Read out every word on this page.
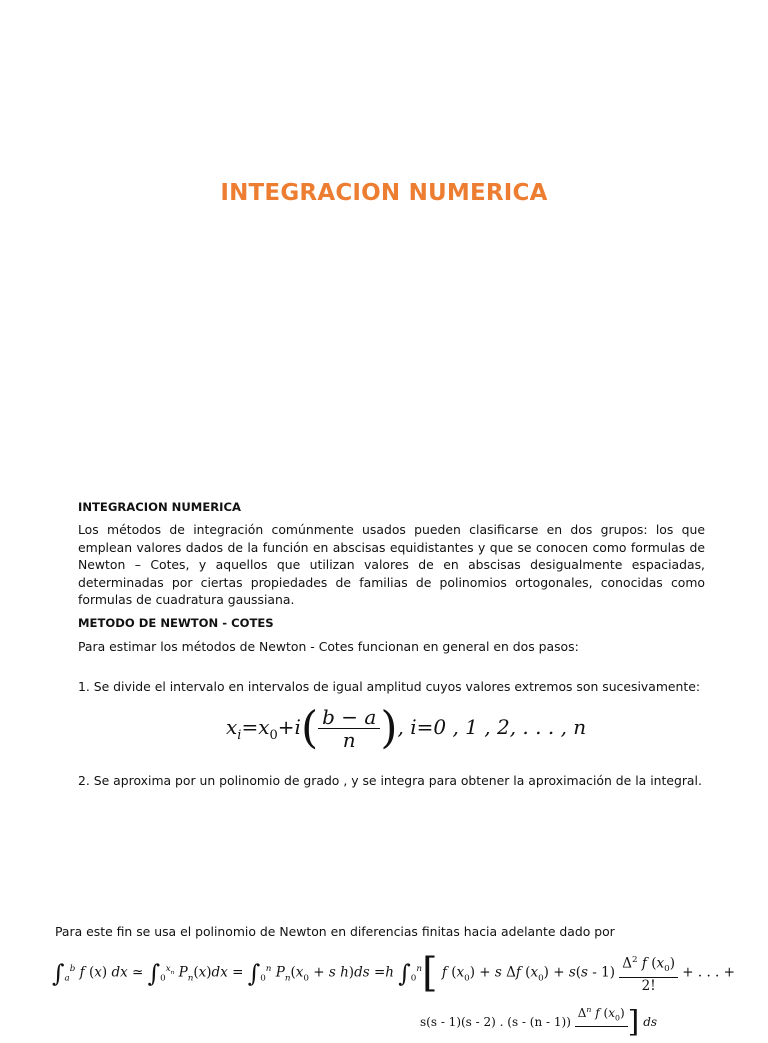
INTEGRACION NUMERICA
INTEGRACION NUMERICA
Los métodos de integración comúnmente usados pueden clasificarse en dos grupos: los que emplean valores dados de la función en abscisas equidistantes y que se conocen como formulas de Newton – Cotes, y aquellos que utilizan valores de en abscisas desigualmente espaciadas, determinadas por ciertas propiedades de familias de polinomios ortogonales, conocidas como formulas de cuadratura gaussiana.
METODO DE NEWTON - COTES
Para estimar los métodos de Newton - Cotes funcionan en general en dos pasos:
1. Se divide el intervalo en intervalos de igual amplitud cuyos valores extremos son sucesivamente:
$x_i=x_0+i( \frac{b - a}{n}$ ), i=0 , 1 , 2, . . . , n
2. Se aproxima por un polinomio de grado , y se integra para obtener la aproximación de la integral.
Para este fin se usa el polinomio de Newton en diferencias finitas hacia adelante dado por
$\int_a^b$ f (x) dx ≃ $\int_0^{x_n}$ $P_n(x)dx = \int_0^n$ $P_n(x_0 + s$ h)ds =h $\int_0^n$[ f $(x_0) + s$ Δf $(x_0) + s(s - 1) \frac{\Delta^2 f (x_0)}{2!}$ + . . . +
s(s - 1)(s - 2) . (s - (n - 1))
$\Delta^n$ f $(x_0)$
] ds
